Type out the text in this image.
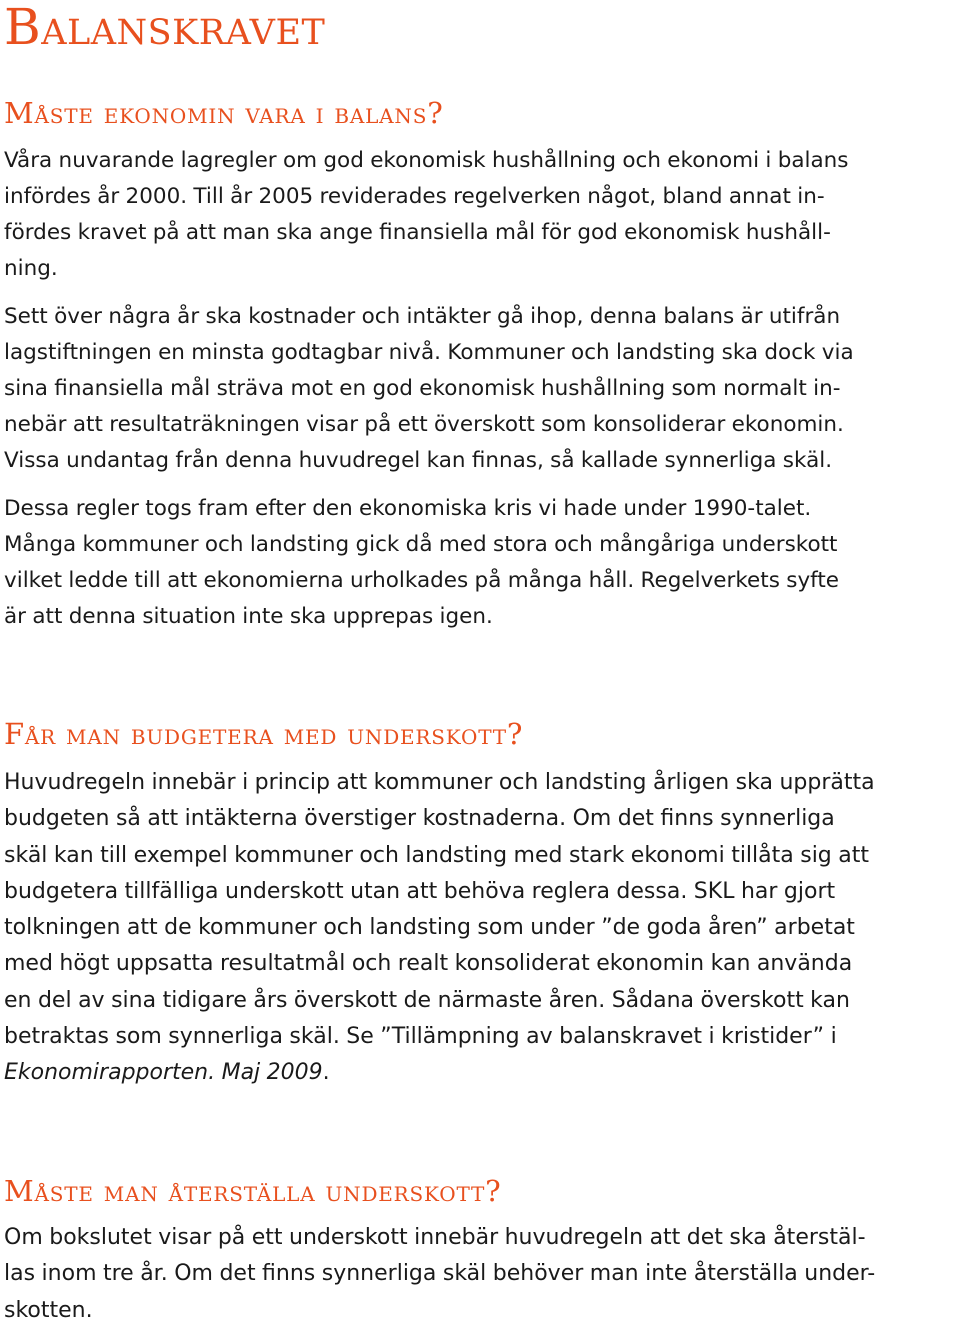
Balanskravet
Måste ekonomin vara i balans?

Våra nuvarande lagregler om god ekonomisk hushållning och ekonomi i balans
infördes år 2000. Till år 2005 reviderades regelverken något, bland annat in-
fördes kravet på att man ska ange finansiella mål för god ekonomisk hushåll-
ning.

Sett över några år ska kostnader och intäkter gå ihop, denna balans är utifrån
lagstiftningen en minsta godtagbar nivå. Kommuner och landsting ska dock via
sina finansiella mål sträva mot en god ekonomisk hushållning som normalt in-
nebär att resultaträkningen visar på ett överskott som konsoliderar ekonomin.
Vissa undantag från denna huvudregel kan finnas, så kallade synnerliga skäl.

Dessa regler togs fram efter den ekonomiska kris vi hade under 1990-talet.
Många kommuner och landsting gick då med stora och mångåriga underskott
vilket ledde till att ekonomierna urholkades på många håll. Regelverkets syfte
är att denna situation inte ska upprepas igen.

Får man budgetera med underskott?

Huvudregeln innebär i princip att kommuner och landsting årligen ska upprätta
budgeten så att intäkterna överstiger kostnaderna. Om det finns synnerliga
skäl kan till exempel kommuner och landsting med stark ekonomi tillåta sig att
budgetera tillfälliga underskott utan att behöva reglera dessa. SKL har gjort
tolkningen att de kommuner och landsting som under ”de goda åren” arbetat
med högt uppsatta resultatmål och realt konsoliderat ekonomin kan använda
en del av sina tidigare års överskott de närmaste åren. Sådana överskott kan
betraktas som synnerliga skäl. Se ”Tillämpning av balanskravet i kristider” i
Ekonomirapporten. Maj 2009.

Måste man återställa underskott?

Om bokslutet visar på ett underskott innebär huvudregeln att det ska återstäl-
las inom tre år. Om det finns synnerliga skäl behöver man inte återställa under-
skotten.
